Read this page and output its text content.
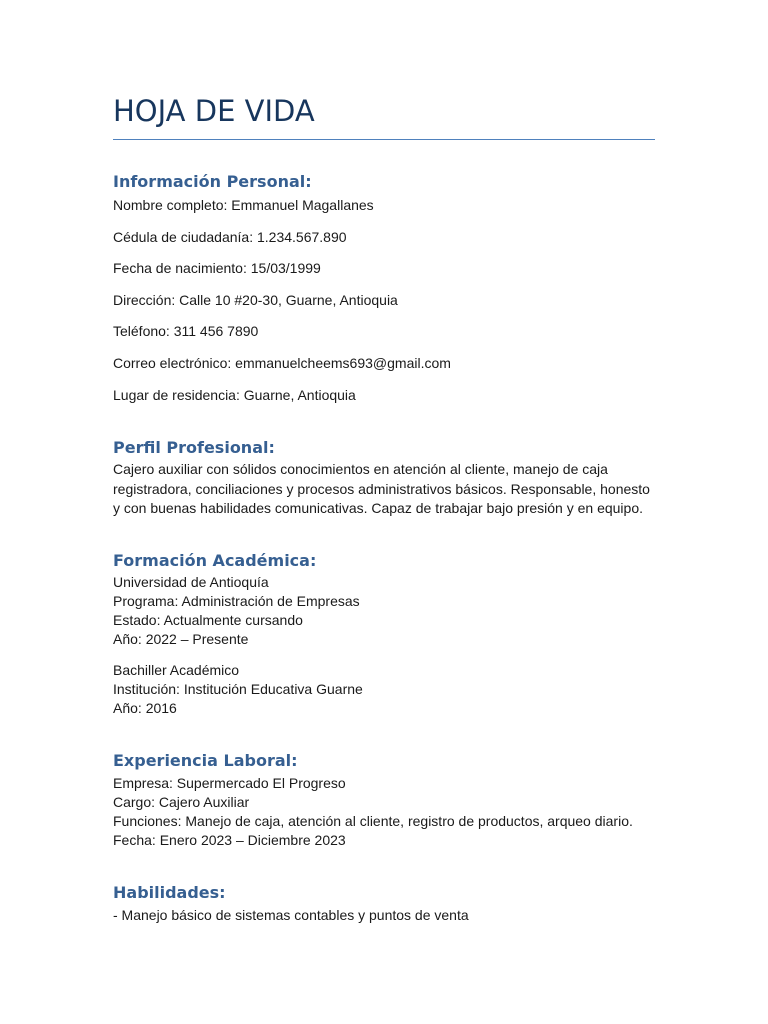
HOJA DE VIDA
Información Personal:

Nombre completo: Emmanuel Magallanes

Cédula de ciudadanía: 1.234.567.890

Fecha de nacimiento: 15/03/1999

Dirección: Calle 10 #20-30, Guarne, Antioquia

Teléfono: 311 456 7890

Correo electrónico: emmanuelcheems693@gmail.com

Lugar de residencia: Guarne, Antioquia

Perfil Profesional:

Cajero auxiliar con sólidos conocimientos en atención al cliente, manejo de caja registradora, conciliaciones y procesos administrativos básicos. Responsable, honesto y con buenas habilidades comunicativas. Capaz de trabajar bajo presión y en equipo.

Formación Académica:

Universidad de Antioquía

Programa: Administración de Empresas

Estado: Actualmente cursando

Año: 2022 – Presente

Bachiller Académico

Institución: Institución Educativa Guarne

Año: 2016

Experiencia Laboral:

Empresa: Supermercado El Progreso

Cargo: Cajero Auxiliar

Funciones: Manejo de caja, atención al cliente, registro de productos, arqueo diario.

Fecha: Enero 2023 – Diciembre 2023

Habilidades:

- Manejo básico de sistemas contables y puntos de venta
